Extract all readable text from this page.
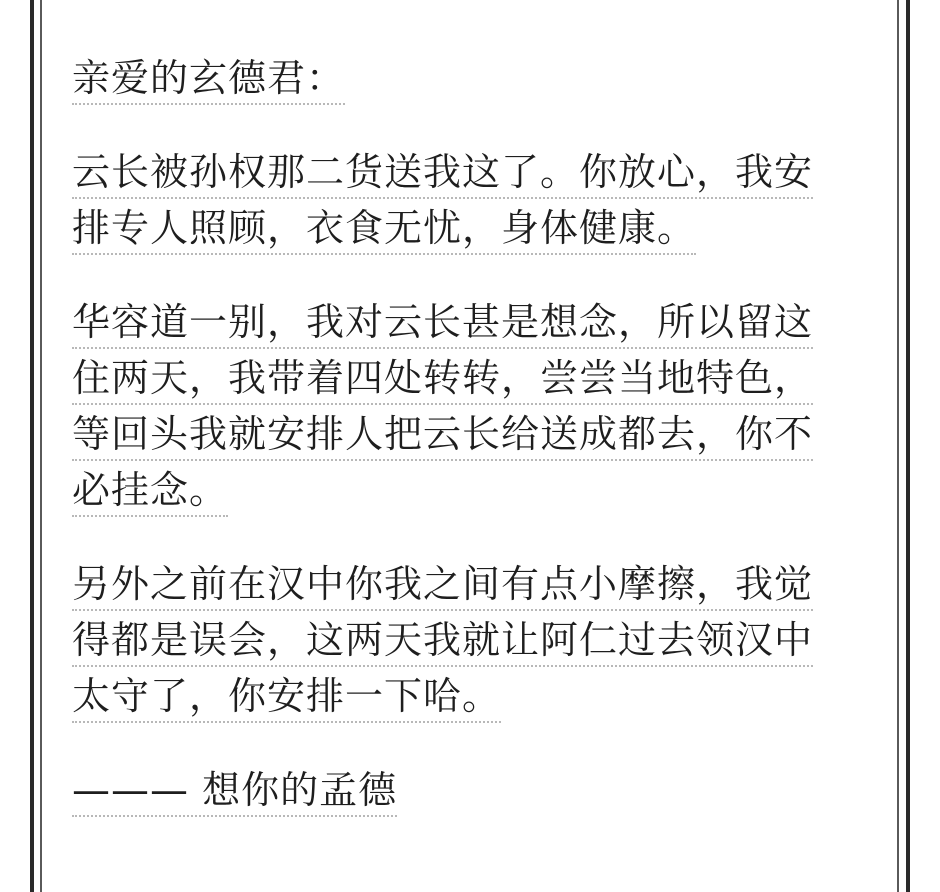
亲爱的玄德君：
云长被孙权那二货送我这了。你放心，我安
排专人照顾，衣食无忧，身体健康。
华容道一别，我对云长甚是想念，所以留这
住两天，我带着四处转转，尝尝当地特色，
等回头我就安排人把云长给送成都去，你不
必挂念。
另外之前在汉中你我之间有点小摩擦，我觉
得都是误会，这两天我就让阿仁过去领汉中
太守了，你安排一下哈。
——— 想你的孟德
